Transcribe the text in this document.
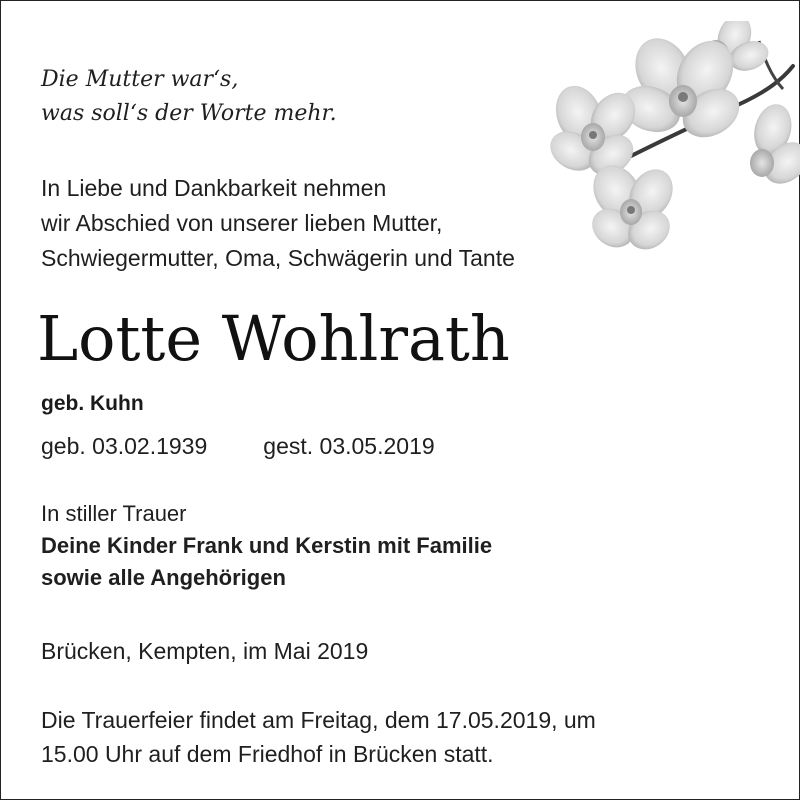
Die Mutter war‘s,
was soll‘s der Worte mehr.
In Liebe und Dankbarkeit nehmen
wir Abschied von unserer lieben Mutter,
Schwiegermutter, Oma, Schwägerin und Tante
Lotte Wohlrath
geb. Kuhn
geb. 03.02.1939 gest. 03.05.2019
In stiller Trauer
Deine Kinder Frank und Kerstin mit Familie
sowie alle Angehörigen
Brücken, Kempten, im Mai 2019
Die Trauerfeier findet am Freitag, dem 17.05.2019, um
15.00 Uhr auf dem Friedhof in Brücken statt.
